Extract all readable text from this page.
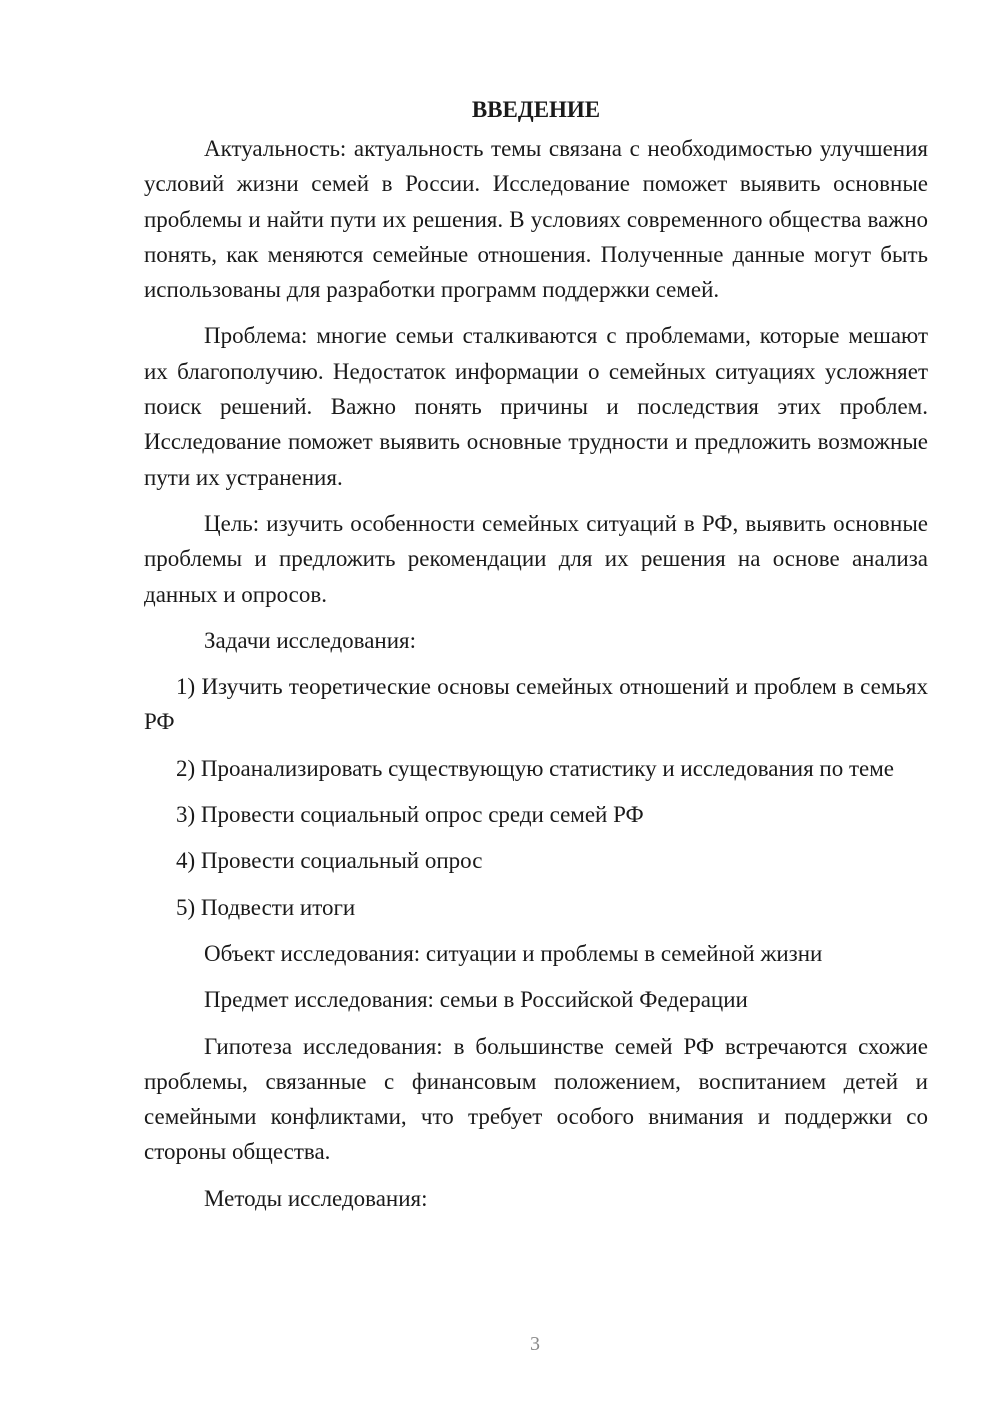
ВВЕДЕНИЕ

Актуальность: актуальность темы связана с необходимостью улучшения условий жизни семей в России. Исследование поможет выявить основные проблемы и найти пути их решения. В условиях современного общества важно понять, как меняются семейные отношения. Полученные данные могут быть использованы для разработки программ поддержки семей.

Проблема: многие семьи сталкиваются с проблемами, которые мешают их благополучию. Недостаток информации о семейных ситуациях усложняет поиск решений. Важно понять причины и последствия этих проблем. Исследование поможет выявить основные трудности и предложить возможные пути их устранения.

Цель: изучить особенности семейных ситуаций в РФ, выявить основные проблемы и предложить рекомендации для их решения на основе анализа данных и опросов.

Задачи исследования:

1) Изучить теоретические основы семейных отношений и проблем в семьях РФ

2) Проанализировать существующую статистику и исследования по теме

3) Провести социальный опрос среди семей РФ

4) Провести социальный опрос

5) Подвести итоги

Объект исследования: ситуации и проблемы в семейной жизни

Предмет исследования: семьи в Российской Федерации

Гипотеза исследования: в большинстве семей РФ встречаются схожие проблемы, связанные с финансовым положением, воспитанием детей и семейными конфликтами, что требует особого внимания и поддержки со стороны общества.

Методы исследования:

3
